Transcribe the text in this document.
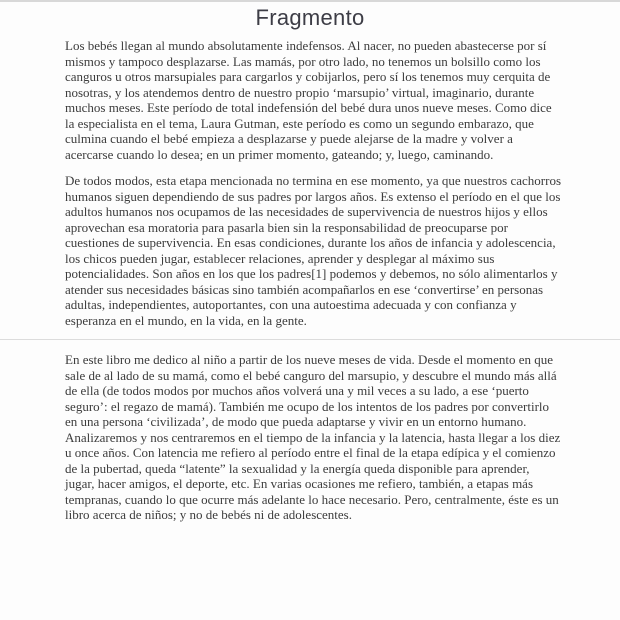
Fragmento

Los bebés llegan al mundo absolutamente indefensos. Al nacer, no pueden abastecerse por sí mismos y tampoco desplazarse. Las mamás, por otro lado, no tenemos un bolsillo como los canguros u otros marsupiales para cargarlos y cobijarlos, pero sí los tenemos muy cerquita de nosotras, y los atendemos dentro de nuestro propio ‘marsupio’ virtual, imaginario, durante muchos meses. Este período de total indefensión del bebé dura unos nueve meses. Como dice la especialista en el tema, Laura Gutman, este período es como un segundo embarazo, que culmina cuando el bebé empieza a desplazarse y puede alejarse de la madre y volver a acercarse cuando lo desea; en un primer momento, gateando; y, luego, caminando.

De todos modos, esta etapa mencionada no termina en ese momento, ya que nuestros cachorros humanos siguen dependiendo de sus padres por largos años. Es extenso el período en el que los adultos humanos nos ocupamos de las necesidades de supervivencia de nuestros hijos y ellos aprovechan esa moratoria para pasarla bien sin la responsabilidad de preocuparse por cuestiones de supervivencia. En esas condiciones, durante los años de infancia y adolescencia, los chicos pueden jugar, establecer relaciones, aprender y desplegar al máximo sus potencialidades. Son años en los que los padres[1] podemos y debemos, no sólo alimentarlos y atender sus necesidades básicas sino también acompañarlos en ese ‘convertirse’ en personas adultas, independientes, autoportantes, con una autoestima adecuada y con confianza y esperanza en el mundo, en la vida, en la gente.

En este libro me dedico al niño a partir de los nueve meses de vida. Desde el momento en que sale de al lado de su mamá, como el bebé canguro del marsupio, y descubre el mundo más allá de ella (de todos modos por muchos años volverá una y mil veces a su lado, a ese ‘puerto seguro’: el regazo de mamá). También me ocupo de los intentos de los padres por convertirlo en una persona ‘civilizada’, de modo que pueda adaptarse y vivir en un entorno humano. Analizaremos y nos centraremos en el tiempo de la infancia y la latencia, hasta llegar a los diez u once años. Con latencia me refiero al período entre el final de la etapa edípica y el comienzo de la pubertad, queda “latente” la sexualidad y la energía queda disponible para aprender, jugar, hacer amigos, el deporte, etc. En varias ocasiones me refiero, también, a etapas más tempranas, cuando lo que ocurre más adelante lo hace necesario. Pero, centralmente, éste es un libro acerca de niños; y no de bebés ni de adolescentes.
